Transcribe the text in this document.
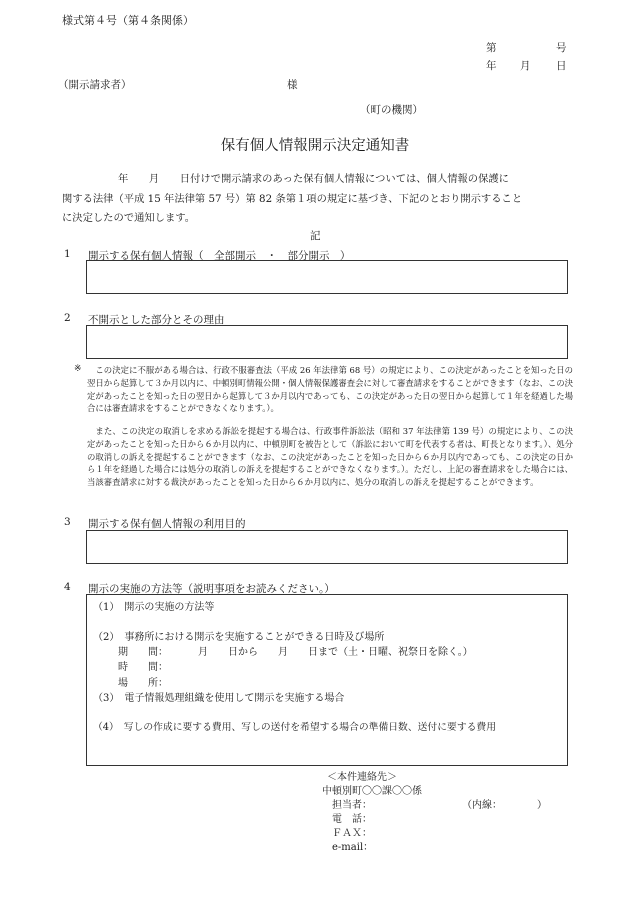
様式第４号（第４条関係）
第	号
年 月 日
（開示請求者）	様
（町の機関）
保有個人情報開示決定通知書
年　　月　　日付けで開示請求のあった保有個人情報については、個人情報の保護に
関する法律（平成 15 年法律第 57 号）第 82 条第１項の規定に基づき、下記のとおり開示すること
に決定したので通知します。
記
1 開示する保有個人情報（　全部開示　・　部分開示　）
2 不開示とした部分とその理由
※	この決定に不服がある場合は、行政不服審査法（平成 26 年法律第 68 号）の規定により、この決定があったことを知った日の翌日から起算して３か月以内に、中頓別町情報公開・個人情報保護審査会に対して審査請求をすることができます（なお、この決定があったことを知った日の翌日から起算して３か月以内であっても、この決定があった日の翌日から起算して１年を経過した場合には審査請求をすることができなくなります。）。
また、この決定の取消しを求める訴訟を提起する場合は、行政事件訴訟法（昭和 37 年法律第 139 号）の規定により、この決定があったことを知った日から６か月以内に、中頓別町を被告として（訴訟において町を代表する者は、町長となります。）、処分の取消しの訴えを提起することができます（なお、この決定があったことを知った日から６か月以内であっても、この決定の日から１年を経過した場合には処分の取消しの訴えを提起することができなくなります。）。ただし、上記の審査請求をした場合には、当該審査請求に対する裁決があったことを知った日から６か月以内に、処分の取消しの訴えを提起することができます。
3 開示する保有個人情報の利用目的
4 開示の実施の方法等（説明事項をお読みください。）
（1）　開示の実施の方法等
（2）　事務所における開示を実施することができる日時及び場所
期　　間：	月　　日から　　月　　日まで（土・日曜、祝祭日を除く。）
時　　間：
場　　所：
（3）　電子情報処理組織を使用して開示を実施する場合
（4）　写しの作成に要する費用、写しの送付を希望する場合の準備日数、送付に要する費用
＜本件連絡先＞
中頓別町〇〇課〇〇係
担当者：	（内線：　　　　）
電　話：
ＦＡＸ：
e-mail：
